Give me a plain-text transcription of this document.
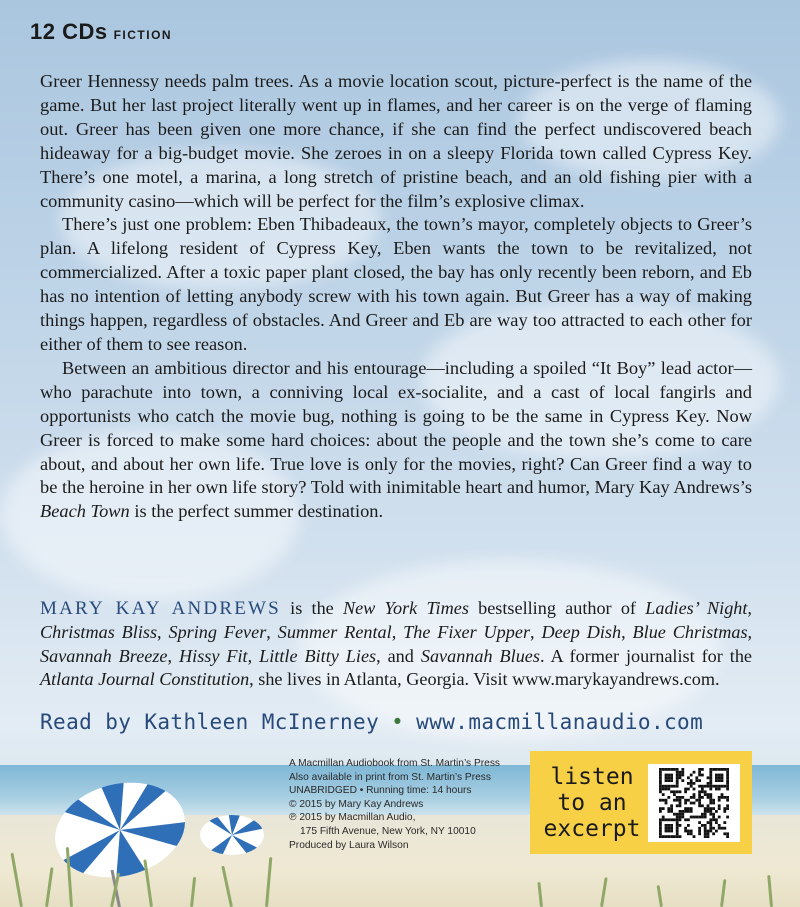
12 CDs FICTION

Greer Hennessy needs palm trees. As a movie location scout, picture-perfect is the name of the game. But her last project literally went up in flames, and her career is on the verge of flaming out. Greer has been given one more chance, if she can find the perfect undiscovered beach hideaway for a big-budget movie. She zeroes in on a sleepy Florida town called Cypress Key. There’s one motel, a marina, a long stretch of pristine beach, and an old fishing pier with a community casino—which will be perfect for the film’s explosive climax.

There’s just one problem: Eben Thibadeaux, the town’s mayor, completely objects to Greer’s plan. A lifelong resident of Cypress Key, Eben wants the town to be revitalized, not commercialized. After a toxic paper plant closed, the bay has only recently been reborn, and Eb has no intention of letting anybody screw with his town again. But Greer has a way of making things happen, regardless of obstacles. And Greer and Eb are way too attracted to each other for either of them to see reason.

Between an ambitious director and his entourage—including a spoiled “It Boy” lead actor—who parachute into town, a conniving local ex-socialite, and a cast of local fangirls and opportunists who catch the movie bug, nothing is going to be the same in Cypress Key. Now Greer is forced to make some hard choices: about the people and the town she’s come to care about, and about her own life. True love is only for the movies, right? Can Greer find a way to be the heroine in her own life story? Told with inimitable heart and humor, Mary Kay Andrews’s Beach Town is the perfect summer destination.

MARY KAY ANDREWS is the New York Times bestselling author of Ladies’ Night, Christmas Bliss, Spring Fever, Summer Rental, The Fixer Upper, Deep Dish, Blue Christmas, Savannah Breeze, Hissy Fit, Little Bitty Lies, and Savannah Blues. A former journalist for the Atlanta Journal Constitution, she lives in Atlanta, Georgia. Visit www.marykayandrews.com.
Read by Kathleen McInerney • www.macmillanaudio.com
A Macmillan Audiobook from St. Martin’s Press
Also available in print from St. Martin’s Press
UNABRIDGED • Running time: 14 hours
© 2015 by Mary Kay Andrews
℗ 2015 by Macmillan Audio,
175 Fifth Avenue, New York, NY 10010
Produced by Laura Wilson
listen
to an
excerpt
